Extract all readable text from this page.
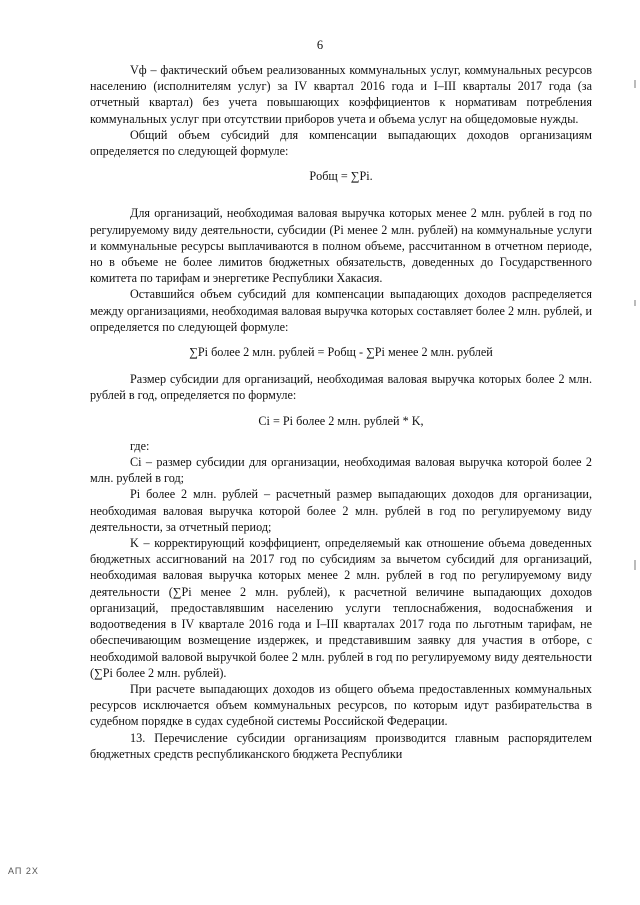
6

Vф – фактический объем реализованных коммунальных услуг, коммунальных ресурсов населению (исполнителям услуг) за IV квартал 2016 года и I–III кварталы 2017 года (за отчетный квартал) без учета повышающих коэффициентов к нормативам потребления коммунальных услуг при отсутствии приборов учета и объема услуг на общедомовые нужды.

Общий объем субсидий для компенсации выпадающих доходов организациям определяется по следующей формуле:

Pобщ = ∑Pi.

Для организаций, необходимая валовая выручка которых менее 2 млн. рублей в год по регулируемому виду деятельности, субсидии (Pi менее 2 млн. рублей) на коммунальные услуги и коммунальные ресурсы выплачиваются в полном объеме, рассчитанном в отчетном периоде, но в объеме не более лимитов бюджетных обязательств, доведенных до Государственного комитета по тарифам и энергетике Республики Хакасия.

Оставшийся объем субсидий для компенсации выпадающих доходов распределяется между организациями, необходимая валовая выручка которых составляет более 2 млн. рублей, и определяется по следующей формуле:

∑Pi более 2 млн. рублей = Pобщ - ∑Pi менее 2 млн. рублей

Размер субсидии для организаций, необходимая валовая выручка которых более 2 млн. рублей в год, определяется по формуле:

Ci = Pi более 2 млн. рублей * K,

где:

Ci – размер субсидии для организации, необходимая валовая выручка которой более 2 млн. рублей в год;

Pi более 2 млн. рублей – расчетный размер выпадающих доходов для организации, необходимая валовая выручка которой более 2 млн. рублей в год по регулируемому виду деятельности, за отчетный период;

K – корректирующий коэффициент, определяемый как отношение объема доведенных бюджетных ассигнований на 2017 год по субсидиям за вычетом субсидий для организаций, необходимая валовая выручка которых менее 2 млн. рублей в год по регулируемому виду деятельности (∑Pi менее 2 млн. рублей), к расчетной величине выпадающих доходов организаций, предоставлявшим населению услуги теплоснабжения, водоснабжения и водоотведения в IV квартале 2016 года и I–III кварталах 2017 года по льготным тарифам, не обеспечивающим возмещение издержек, и представившим заявку для участия в отборе, с необходимой валовой выручкой более 2 млн. рублей в год по регулируемому виду деятельности (∑Pi более 2 млн. рублей).

При расчете выпадающих доходов из общего объема предоставленных коммунальных ресурсов исключается объем коммунальных ресурсов, по которым идут разбирательства в судебном порядке в судах судебной системы Российской Федерации.

13. Перечисление субсидии организациям производится главным распорядителем бюджетных средств республиканского бюджета Республики

АП 2Х
